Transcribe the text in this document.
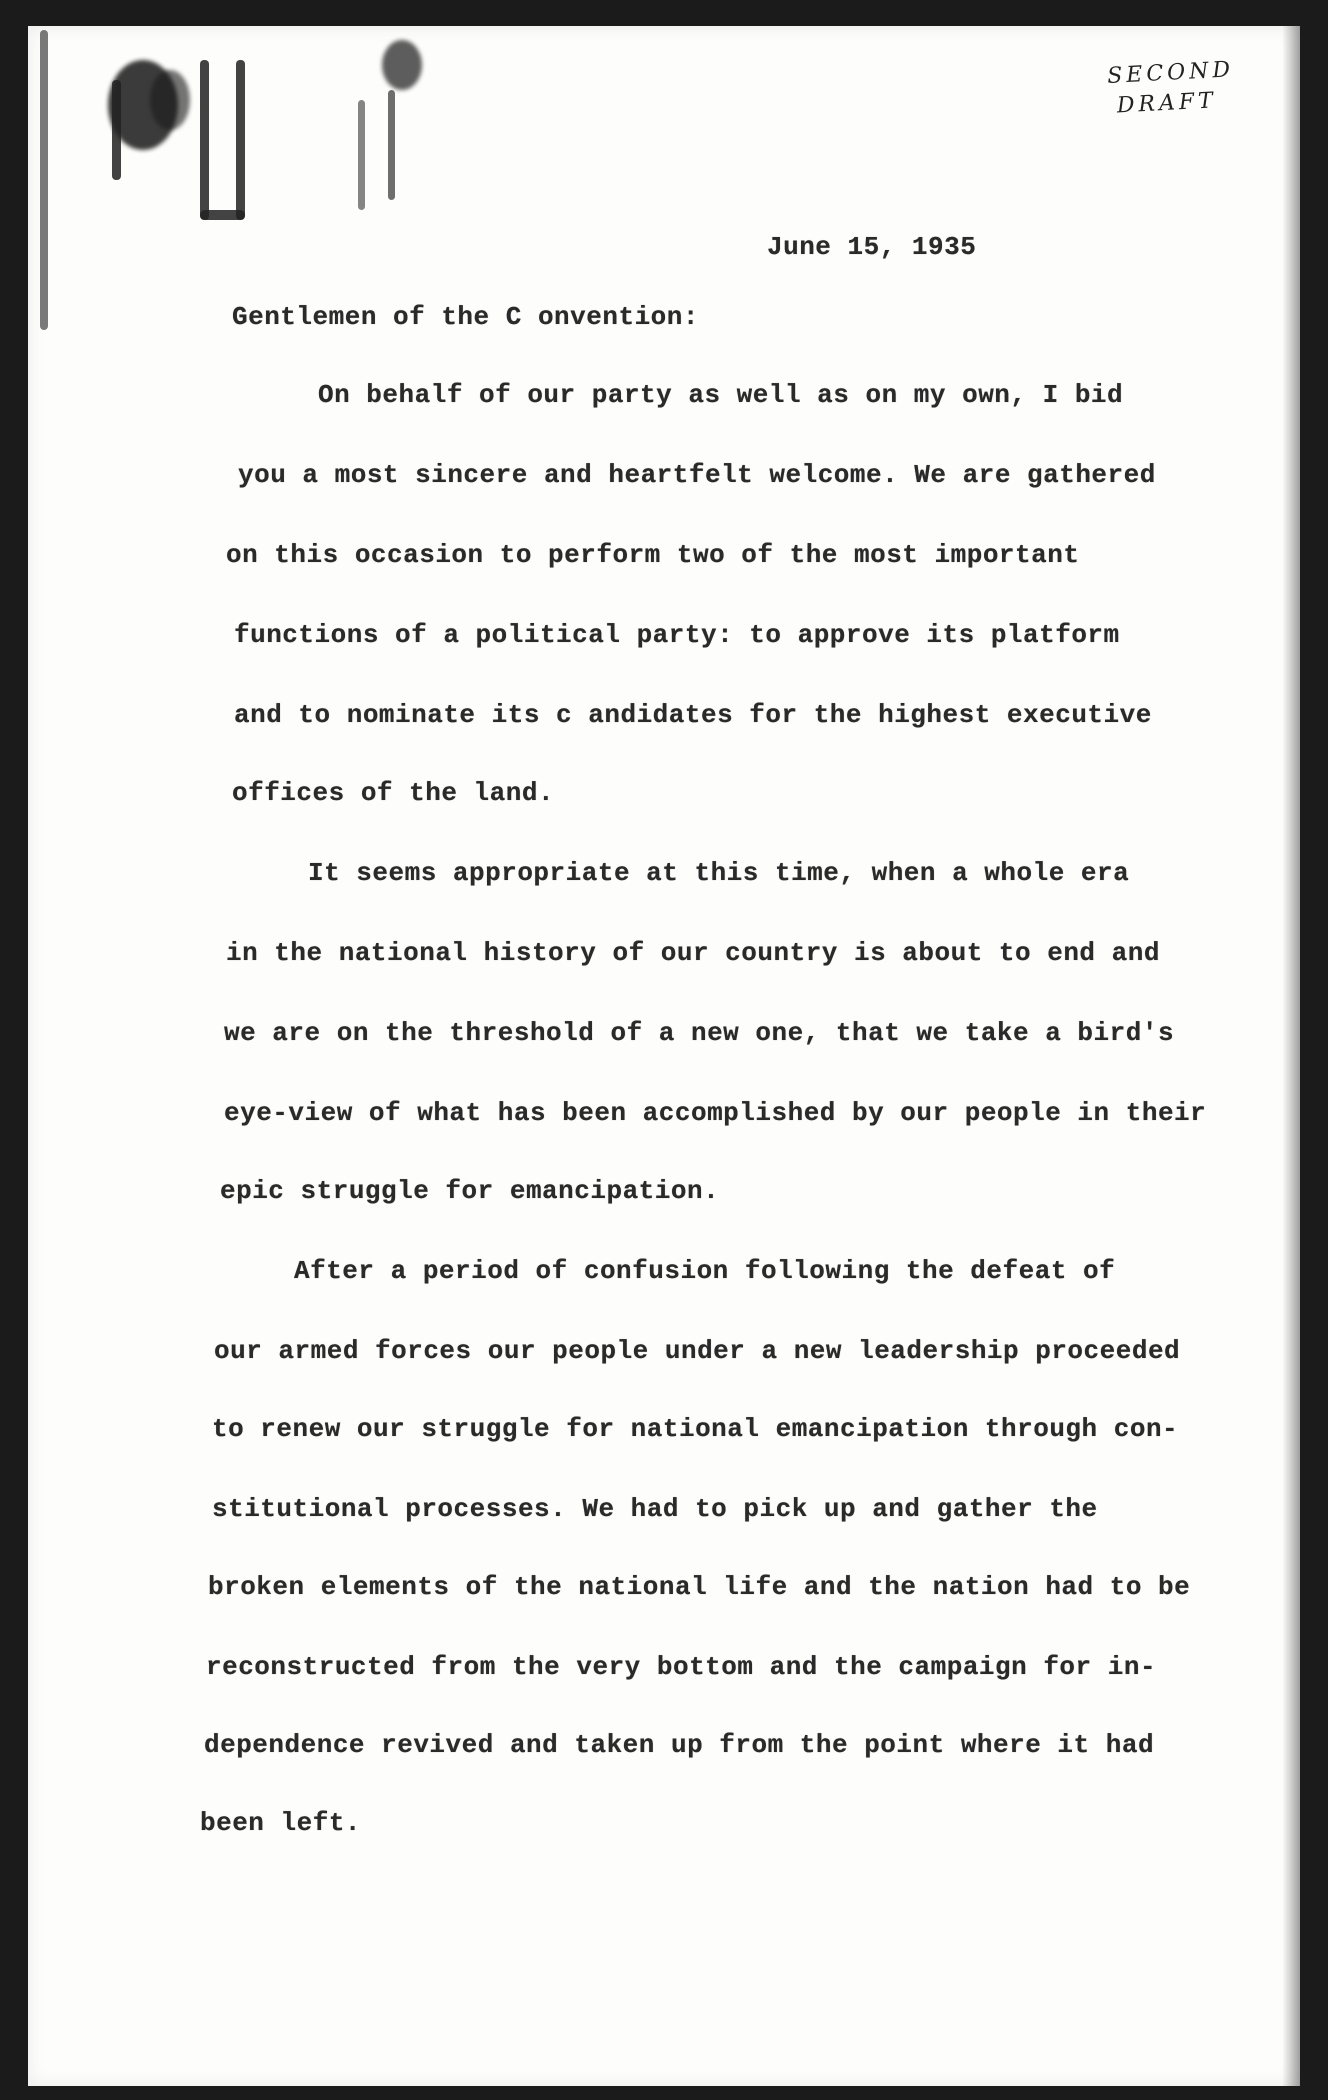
SECOND
DRAFT
June 15, 1935
Gentlemen of the C onvention:
On behalf of our party as well as on my own, I bid
you a most sincere and heartfelt welcome. We are gathered
on this occasion to perform two of the most important
functions of a political party: to approve its platform
and to nominate its c andidates for the highest executive
offices of the land.
It seems appropriate at this time, when a whole era
in the national history of our country is about to end and
we are on the threshold of a new one, that we take a bird's
eye-view of what has been accomplished by our people in their
epic struggle for emancipation.
After a period of confusion following the defeat of
our armed forces our people under a new leadership proceeded
to renew our struggle for national emancipation through con-
stitutional processes. We had to pick up and gather the
broken elements of the national life and the nation had to be
reconstructed from the very bottom and the campaign for in-
dependence revived and taken up from the point where it had
been left.
